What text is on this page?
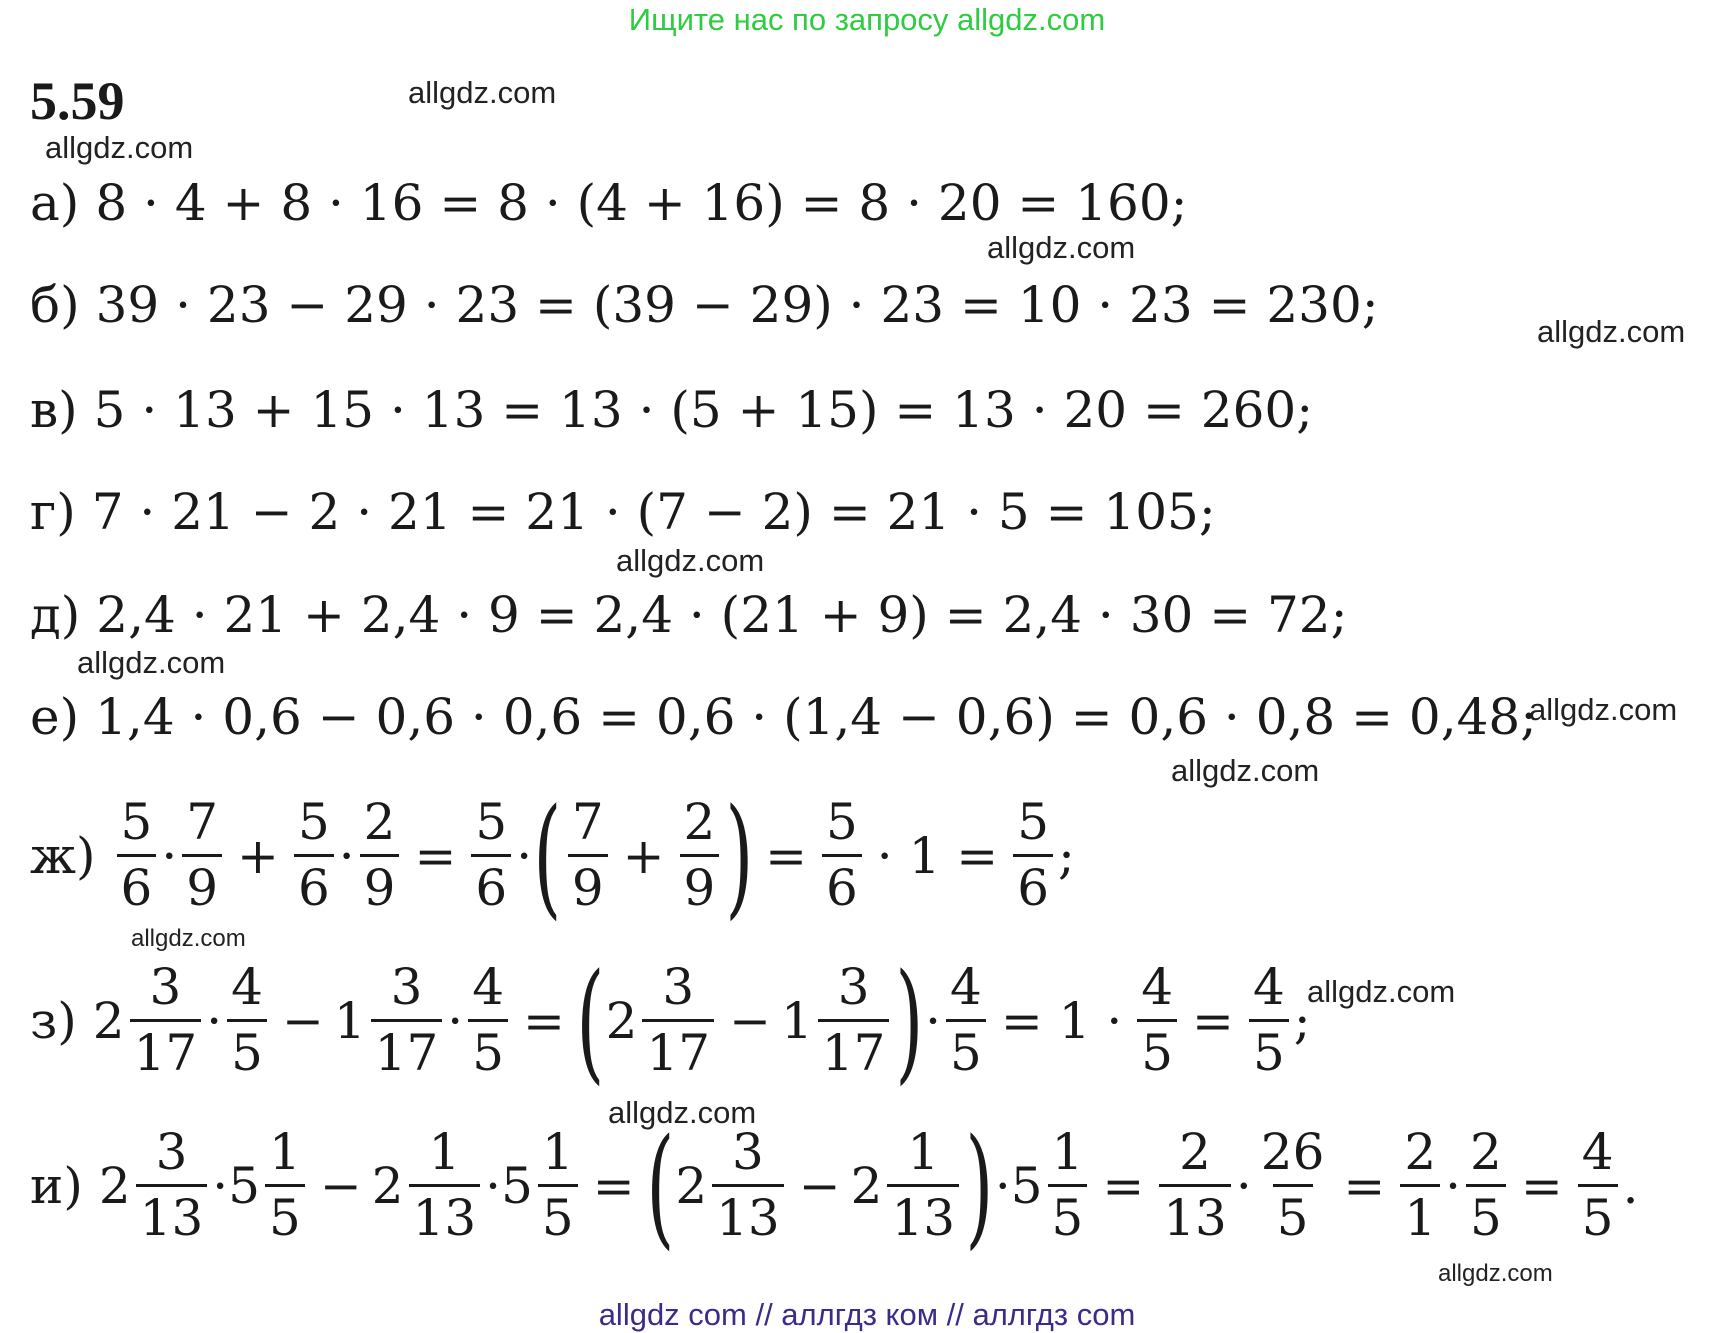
Ищите нас по запросу allgdz.com
5.59	allgdz.com
allgdz.com
allgdz.com
allgdz.com
allgdz.com
allgdz.com
allgdz.com
allgdz.com
allgdz.com
allgdz.com
allgdz.com
allgdz.com
а) 8 · 4 + 8 · 16 = 8 · (4 + 16) = 8 · 20 = 160;
б) 39 · 23 − 29 · 23 = (39 − 29) · 23 = 10 · 23 = 230;
в) 5 · 13 + 15 · 13 = 13 · (5 + 15) = 13 · 20 = 260;
г) 7 · 21 − 2 · 21 = 21 · (7 − 2) = 21 · 5 = 105;
д) 2,4 · 21 + 2,4 · 9 = 2,4 · (21 + 9) = 2,4 · 30 = 72;
е) 1,4 · 0,6 − 0,6 · 0,6 = 0,6 · (1,4 − 0,6) = 0,6 · 0,8 = 0,48;
$ж) \frac{5}{6} \cdot \frac{7}{9} + \frac{5}{6} \cdot \frac{2}{9} = \frac{5}{6}$ · ( $\frac{7}{9} + \frac{2}{9}$ ) = $\frac{5}{6} \cdot 1 = \frac{5}{6}$ ;
з) $2 \frac{3}{17} \cdot \frac{4}{5} - 1 \frac{3}{17} \cdot \frac{4}{5}$ = ( $2 \frac{3}{17} - 1 \frac{3}{17}$ ) · $\frac{4}{5} = 1 \cdot \frac{4}{5} = \frac{4}{5}$ ;
и) $2 \frac{3}{13} \cdot 5 \frac{1}{5} - 2 \frac{1}{13} \cdot 5 \frac{1}{5}$ = ( $2 \frac{3}{13} - 2 \frac{1}{13}$ ) · $5 \frac{1}{5} = \frac{2}{13} \cdot \frac{26}{5} = \frac{2}{1} \cdot \frac{2}{5} = \frac{4}{5}$ .
allgdz com // аллгдз ком // аллгдз com
